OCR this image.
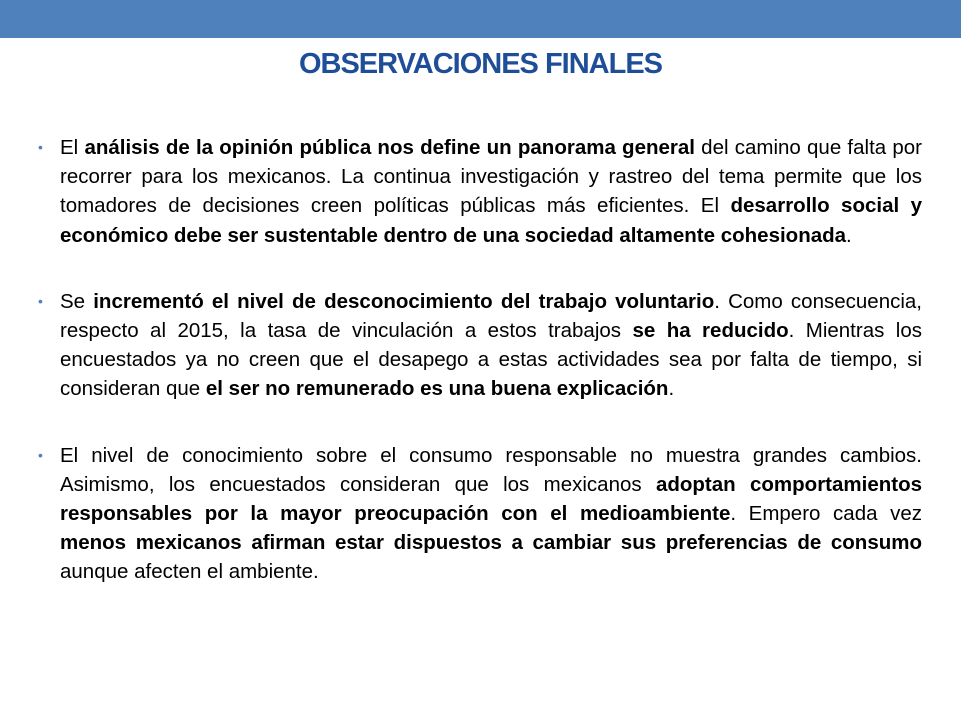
OBSERVACIONES FINALES
• El análisis de la opinión pública nos define un panorama general del camino que falta por recorrer para los mexicanos. La continua investigación y rastreo del tema permite que los tomadores de decisiones creen políticas públicas más eficientes. El desarrollo social y económico debe ser sustentable dentro de una sociedad altamente cohesionada.
• Se incrementó el nivel de desconocimiento del trabajo voluntario. Como consecuencia, respecto al 2015, la tasa de vinculación a estos trabajos se ha reducido. Mientras los encuestados ya no creen que el desapego a estas actividades sea por falta de tiempo, si consideran que el ser no remunerado es una buena explicación.
• El nivel de conocimiento sobre el consumo responsable no muestra grandes cambios. Asimismo, los encuestados consideran que los mexicanos adoptan comportamientos responsables por la mayor preocupación con el medioambiente. Empero cada vez menos mexicanos afirman estar dispuestos a cambiar sus preferencias de consumo aunque afecten el ambiente.
